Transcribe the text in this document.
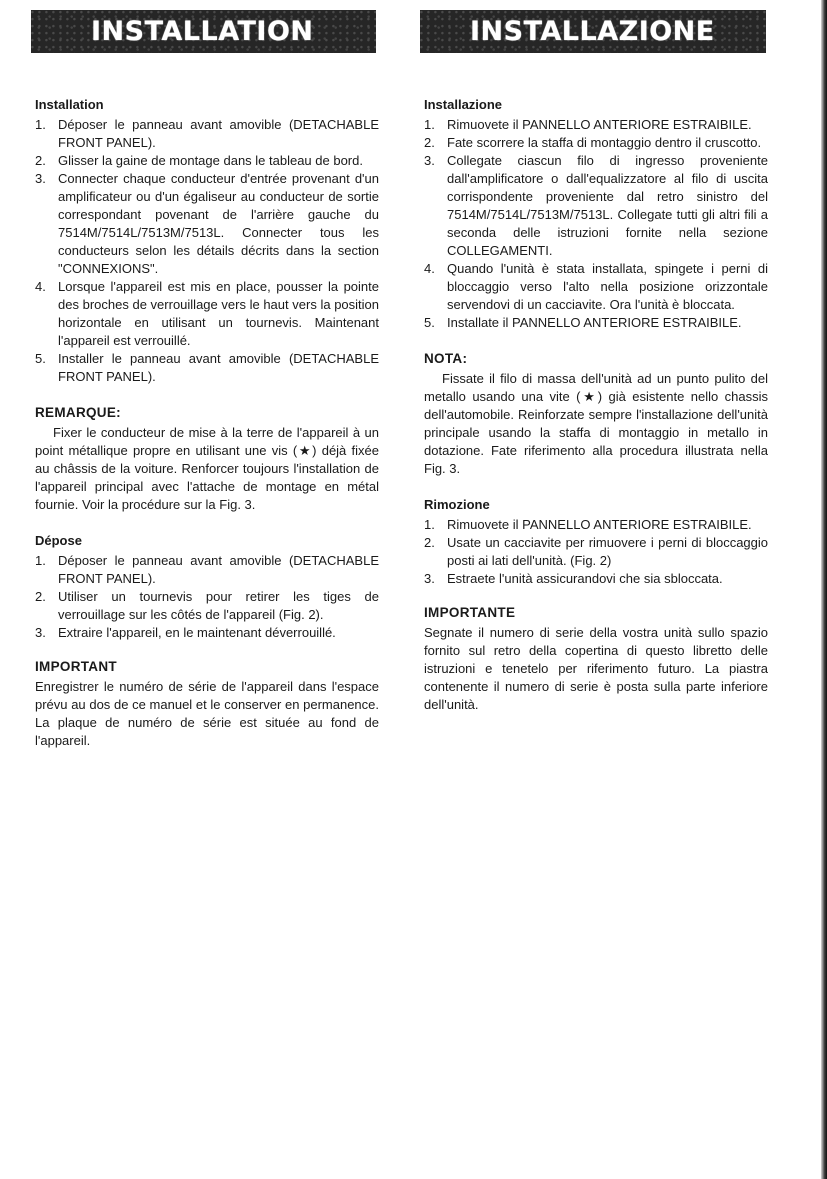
INSTALLATION	INSTALLAZIONE
Installation
1. Déposer le panneau avant amovible (DETACHABLE FRONT PANEL).
2. Glisser la gaine de montage dans le tableau de bord.
3. Connecter chaque conducteur d'entrée provenant d'un amplificateur ou d'un égaliseur au conducteur de sortie correspondant povenant de l'arrière gauche du 7514M/7514L/7513M/7513L. Connecter tous les conducteurs selon les détails décrits dans la section "CONNEXIONS".
4. Lorsque l'appareil est mis en place, pousser la pointe des broches de verrouillage vers le haut vers la position horizontale en utilisant un tournevis. Maintenant l'appareil est verrouillé.
5. Installer le panneau avant amovible (DETACHABLE FRONT PANEL).
REMARQUE:

Fixer le conducteur de mise à la terre de l'appareil à un point métallique propre en utilisant une vis (★) déjà fixée au châssis de la voiture. Renforcer toujours l'installation de l'appareil principal avec l'attache de montage en métal fournie. Voir la procédure sur la Fig. 3.

Dépose
1. Déposer le panneau avant amovible (DETACHABLE FRONT PANEL).
2. Utiliser un tournevis pour retirer les tiges de verrouillage sur les côtés de l'appareil (Fig. 2).
3. Extraire l'appareil, en le maintenant déverrouillé.
IMPORTANT

Enregistrer le numéro de série de l'appareil dans l'espace prévu au dos de ce manuel et le conserver en permanence. La plaque de numéro de série est située au fond de l'appareil.

Installazione
1. Rimuovete il PANNELLO ANTERIORE ESTRAIBILE.
2. Fate scorrere la staffa di montaggio dentro il cruscotto.
3. Collegate ciascun filo di ingresso proveniente dall'amplificatore o dall'equalizzatore al filo di uscita corrispondente proveniente dal retro sinistro del 7514M/7514L/7513M/7513L. Collegate tutti gli altri fili a seconda delle istruzioni fornite nella sezione COLLEGAMENTI.
4. Quando l'unità è stata installata, spingete i perni di bloccaggio verso l'alto nella posizione orizzontale servendovi di un cacciavite. Ora l'unità è bloccata.
5. Installate il PANNELLO ANTERIORE ESTRAIBILE.
NOTA:

Fissate il filo di massa dell'unità ad un punto pulito del metallo usando una vite (★) già esistente nello chassis dell'automobile. Reinforzate sempre l'installazione dell'unità principale usando la staffa di montaggio in metallo in dotazione. Fate riferimento alla procedura illustrata nella Fig. 3.

Rimozione
1. Rimuovete il PANNELLO ANTERIORE ESTRAIBILE.
2. Usate un cacciavite per rimuovere i perni di bloccaggio posti ai lati dell'unità. (Fig. 2)
3. Estraete l'unità assicurandovi che sia sbloccata.
IMPORTANTE

Segnate il numero di serie della vostra unità sullo spazio fornito sul retro della copertina di questo libretto delle istruzioni e tenetelo per riferimento futuro. La piastra contenente il numero di serie è posta sulla parte inferiore dell'unità.
